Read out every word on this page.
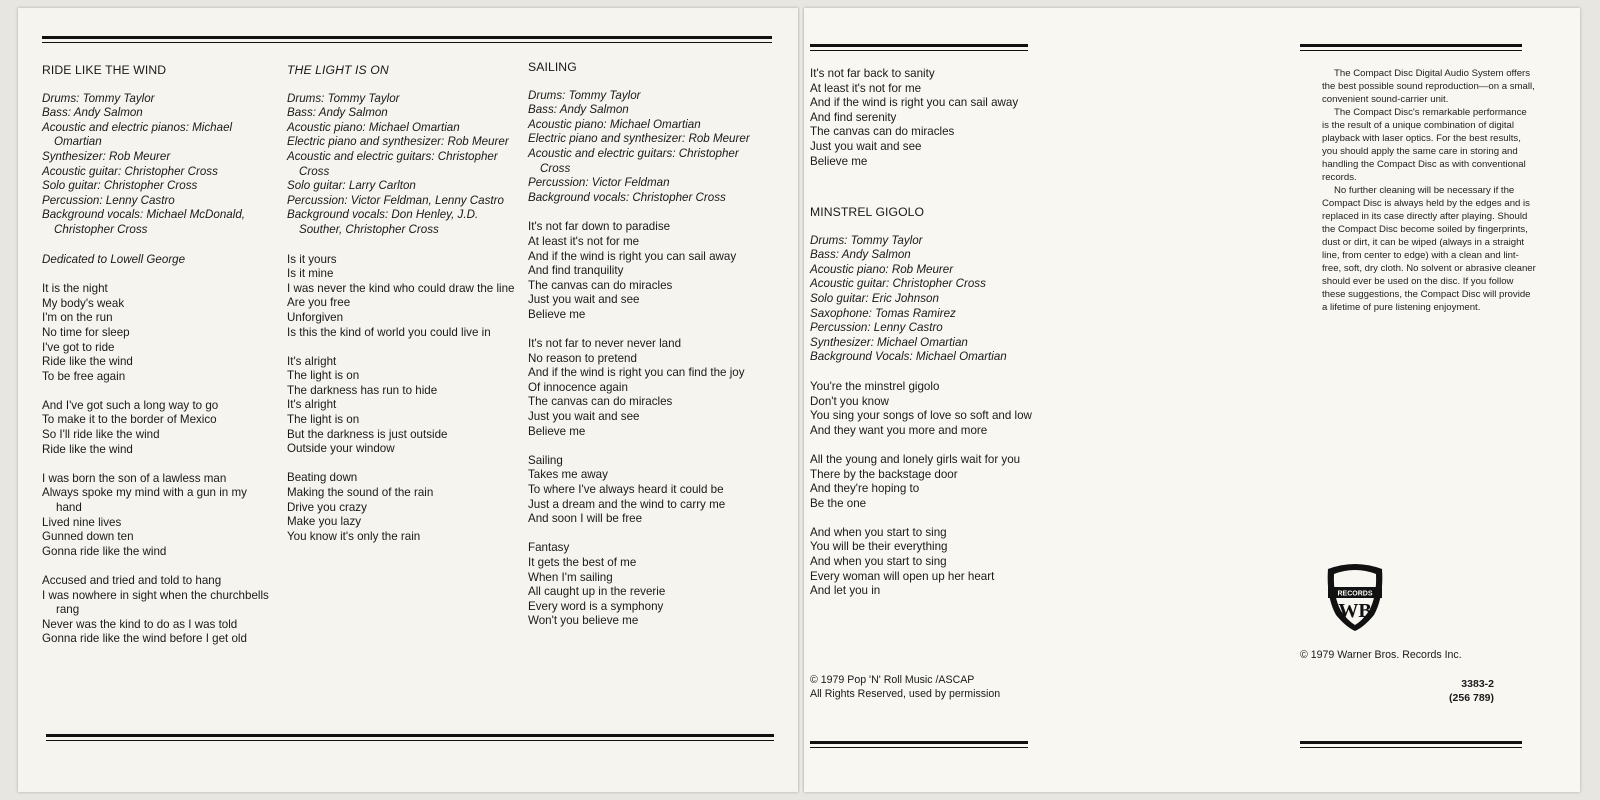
RIDE LIKE THE WIND
Drums: Tommy Taylor
Bass: Andy Salmon
Acoustic and electric pianos: Michael Omartian
Synthesizer: Rob Meurer
Acoustic guitar: Christopher Cross
Solo guitar: Christopher Cross
Percussion: Lenny Castro
Background vocals: Michael McDonald, Christopher Cross
Dedicated to Lowell George
It is the night
My body's weak
I'm on the run
No time for sleep
I've got to ride
Ride like the wind
To be free again
And I've got such a long way to go
To make it to the border of Mexico
So I'll ride like the wind
Ride like the wind
I was born the son of a lawless man
Always spoke my mind with a gun in my hand
Lived nine lives
Gunned down ten
Gonna ride like the wind
Accused and tried and told to hang
I was nowhere in sight when the churchbells rang
Never was the kind to do as I was told
Gonna ride like the wind before I get old
THE LIGHT IS ON
Drums: Tommy Taylor
Bass: Andy Salmon
Acoustic piano: Michael Omartian
Electric piano and synthesizer: Rob Meurer
Acoustic and electric guitars: Christopher Cross
Solo guitar: Larry Carlton
Percussion: Victor Feldman, Lenny Castro
Background vocals: Don Henley, J.D. Souther, Christopher Cross
Is it yours
Is it mine
I was never the kind who could draw the line
Are you free
Unforgiven
Is this the kind of world you could live in
It's alright
The light is on
The darkness has run to hide
It's alright
The light is on
But the darkness is just outside
Outside your window
Beating down
Making the sound of the rain
Drive you crazy
Make you lazy
You know it's only the rain
SAILING
Drums: Tommy Taylor
Bass: Andy Salmon
Acoustic piano: Michael Omartian
Electric piano and synthesizer: Rob Meurer
Acoustic and electric guitars: Christopher Cross
Percussion: Victor Feldman
Background vocals: Christopher Cross
It's not far down to paradise
At least it's not for me
And if the wind is right you can sail away
And find tranquility
The canvas can do miracles
Just you wait and see
Believe me
It's not far to never never land
No reason to pretend
And if the wind is right you can find the joy
Of innocence again
The canvas can do miracles
Just you wait and see
Believe me
Sailing
Takes me away
To where I've always heard it could be
Just a dream and the wind to carry me
And soon I will be free
Fantasy
It gets the best of me
When I'm sailing
All caught up in the reverie
Every word is a symphony
Won't you believe me
It's not far back to sanity
At least it's not for me
And if the wind is right you can sail away
And find serenity
The canvas can do miracles
Just you wait and see
Believe me
MINSTREL GIGOLO
Drums: Tommy Taylor
Bass: Andy Salmon
Acoustic piano: Rob Meurer
Acoustic guitar: Christopher Cross
Solo guitar: Eric Johnson
Saxophone: Tomas Ramirez
Percussion: Lenny Castro
Synthesizer: Michael Omartian
Background Vocals: Michael Omartian
You're the minstrel gigolo
Don't you know
You sing your songs of love so soft and low
And they want you more and more
All the young and lonely girls wait for you
There by the backstage door
And they're hoping to
Be the one
And when you start to sing
You will be their everything
And when you start to sing
Every woman will open up her heart
And let you in
© 1979 Pop 'N' Roll Music /ASCAP
All Rights Reserved, used by permission

The Compact Disc Digital Audio System offers the best possible sound reproduction—on a small, convenient sound-carrier unit.

The Compact Disc's remarkable performance is the result of a unique combination of digital playback with laser optics. For the best results, you should apply the same care in storing and handling the Compact Disc as with conventional records.

No further cleaning will be necessary if the Compact Disc is always held by the edges and is replaced in its case directly after playing. Should the Compact Disc become soiled by fingerprints, dust or dirt, it can be wiped (always in a straight line, from center to edge) with a clean and lint-free, soft, dry cloth. No solvent or abrasive cleaner should ever be used on the disc. If you follow these suggestions, the Compact Disc will provide a lifetime of pure listening enjoyment.

RECORDS
WB
© 1979 Warner Bros. Records Inc.
3383-2
(256 789)
